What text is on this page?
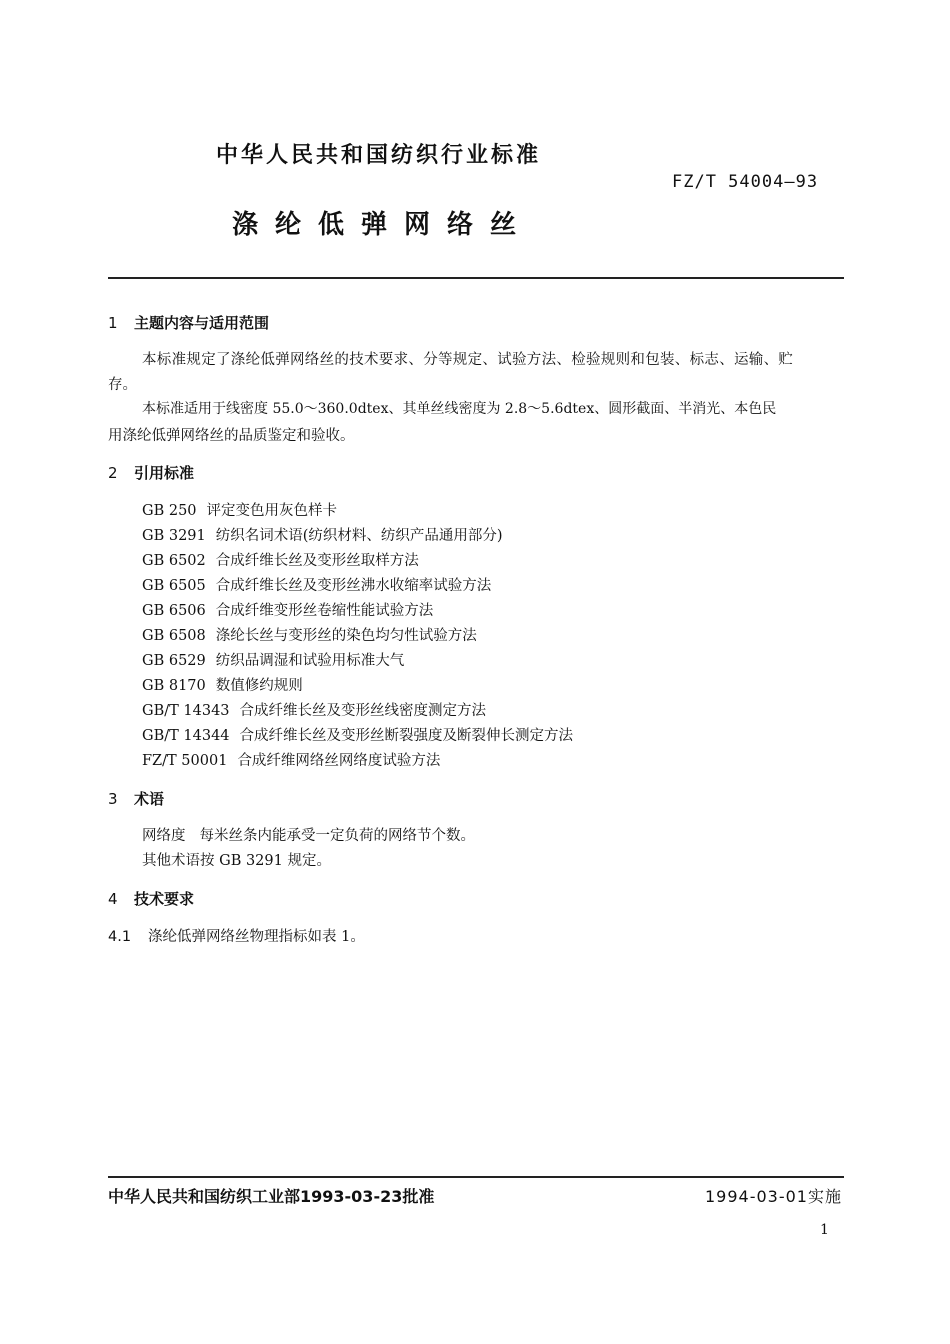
中华人民共和国纺织行业标准
FZ/T 54004—93
涤纶低弹网络丝
1 主题内容与适用范围
本标准规定了涤纶低弹网络丝的技术要求、分等规定、试验方法、检验规则和包装、标志、运输、贮
存。
本标准适用于线密度 55.0～360.0dtex、其单丝线密度为 2.8～5.6dtex、圆形截面、半消光、本色民
用涤纶低弹网络丝的品质鉴定和验收。
2 引用标准
GB 250 评定变色用灰色样卡
GB 3291 纺织名词术语(纺织材料、纺织产品通用部分)
GB 6502 合成纤维长丝及变形丝取样方法
GB 6505 合成纤维长丝及变形丝沸水收缩率试验方法
GB 6506 合成纤维变形丝卷缩性能试验方法
GB 6508 涤纶长丝与变形丝的染色均匀性试验方法
GB 6529 纺织品调湿和试验用标准大气
GB 8170 数值修约规则
GB/T 14343 合成纤维长丝及变形丝线密度测定方法
GB/T 14344 合成纤维长丝及变形丝断裂强度及断裂伸长测定方法
FZ/T 50001 合成纤维网络丝网络度试验方法
3 术语
网络度 每米丝条内能承受一定负荷的网络节个数。
其他术语按 GB 3291 规定。
4 技术要求
4.1 涤纶低弹网络丝物理指标如表 1。
中华人民共和国纺织工业部1993-03-23批准	1994-03-01实施
1
